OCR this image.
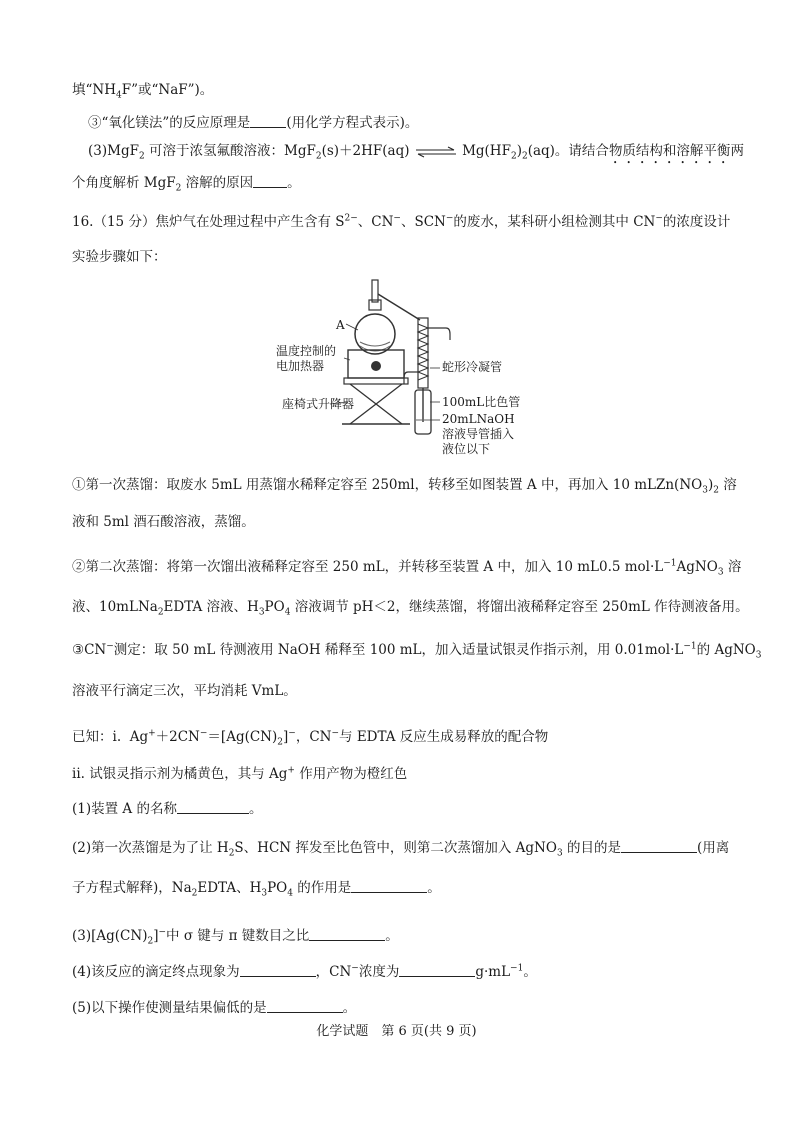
填“$NH_4F$”或“NaF”)。
③“氧化镁法”的反应原理是	(用化学方程式表示)。
(3)MgF$_2$ 可溶于浓氢氟酸溶液：MgF$_2$(s)＋2HF(aq) ⇌ $Mg(HF_2)_2(aq)$。请结合物质结构和溶解平衡两
个角度解析 MgF$_2$ 溶解的原因	。
16.（15 分）焦炉气在处理过程中产生含有 $S^{2-}$、CN−、SCN−的废水，某科研小组检测其中 CN−的浓度设计
实验步骤如下：
A
温度控制的
电加热器
座椅式升降器
蛇形冷凝管
100mL比色管
20mLNaOH
溶液导管插入
液位以下
①第一次蒸馏：取废水 5mL 用蒸馏水稀释定容至 250ml，转移至如图装置 A 中，再加入 10 $mLZn(NO_3)_2$ 溶
液和 5ml 酒石酸溶液，蒸馏。
②第二次蒸馏：将第一次馏出液稀释定容至 250 mL，并转移至装置 A 中，加入 10 mL0.5 $mol\cdot L^{-1}AgNO_3$ 溶
液、10mLNa$_2$EDTA 溶液、$H_3PO_4$ 溶液调节 pH＜2，继续蒸馏，将馏出液稀释定容至 250mL 作待测液备用。
③CN−测定：取 50 mL 待测液用 NaOH 稀释至 100 mL，加入适量试银灵作指示剂，用 $0.01mol\cdot L^{-1}$的 AgNO$_3$
溶液平行滴定三次，平均消耗 VmL。
已知：i.  $Ag^++2CN^-=[Ag(CN)_2]^-$，CN−与 EDTA 反应生成易释放的配合物
ii. 试银灵指示剂为橘黄色，其与 Ag+ 作用产物为橙红色
(1)装置 A 的名称	。
(2)第一次蒸馏是为了让 $H_2S$、HCN 挥发至比色管中，则第二次蒸馏加入 AgNO$_3$ 的目的是	(用离
子方程式解释)，$Na_2EDTA$、$H_3PO_4$ 的作用是	。
$(3)[Ag(CN)_2]^-$中 σ 键与 π 键数目之比	。
(4)该反应的滴定终点现象为	，CN−浓度为	$g\cdot mL^{-1}$。
(5)以下操作使测量结果偏低的是	。
化学试题　第 6 页(共 9 页)
